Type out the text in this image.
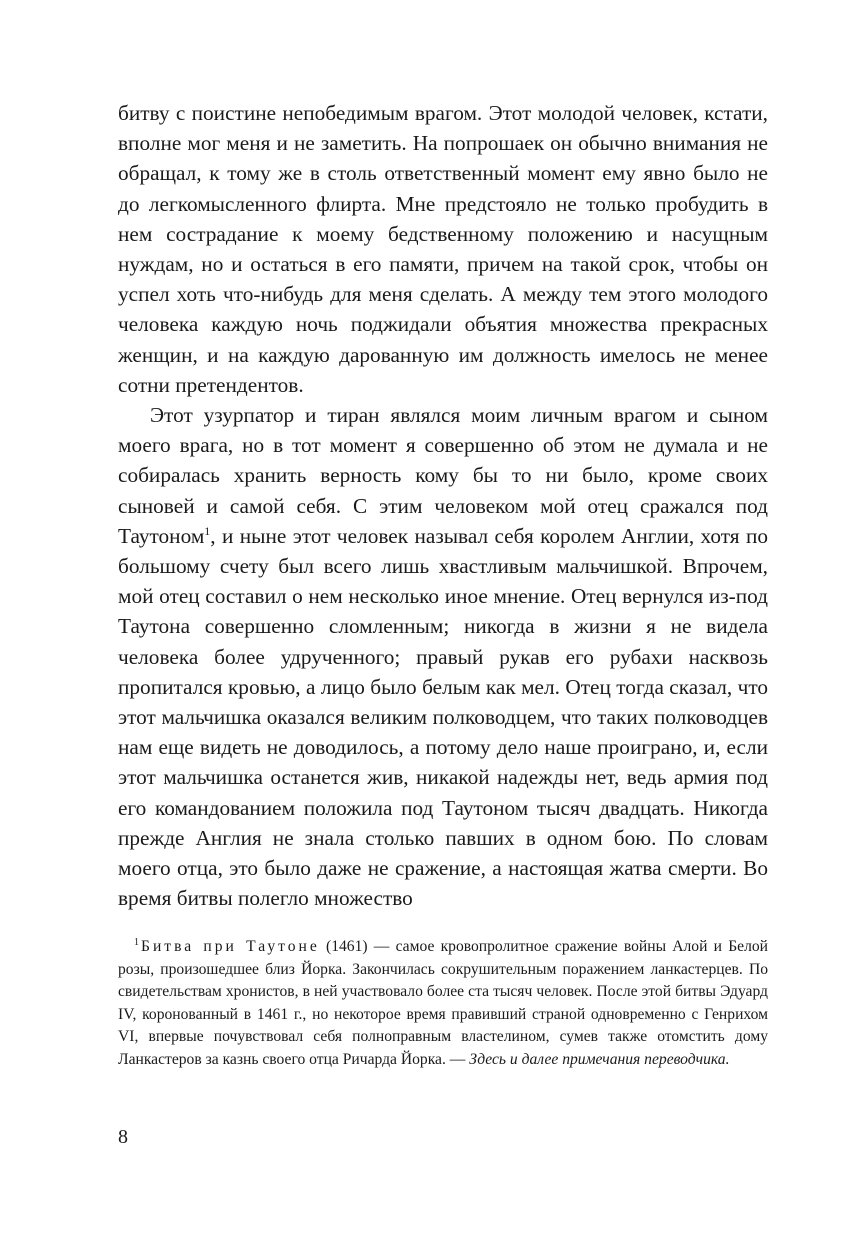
битву с поистине непобедимым врагом. Этот молодой человек, кстати, вполне мог меня и не заметить. На попрошаек он обычно внимания не обращал, к тому же в столь ответственный момент ему явно было не до легкомысленного флирта. Мне предстояло не только пробудить в нем сострадание к моему бедственному положению и насущным нуждам, но и остаться в его памяти, причем на такой срок, чтобы он успел хоть что-нибудь для меня сделать. А между тем этого молодого человека каждую ночь поджидали объятия множества прекрасных женщин, и на каждую дарованную им должность имелось не менее сотни претендентов.

Этот узурпатор и тиран являлся моим личным врагом и сыном моего врага, но в тот момент я совершенно об этом не думала и не собиралась хранить верность кому бы то ни было, кроме своих сыновей и самой себя. С этим человеком мой отец сражался под Таутоном$^1$, и ныне этот человек называл себя королем Англии, хотя по большому счету был всего лишь хвастливым мальчишкой. Впрочем, мой отец составил о нем несколько иное мнение. Отец вернулся из-под Таутона совершенно сломленным; никогда в жизни я не видела человека более удрученного; правый рукав его рубахи насквозь пропитался кровью, а лицо было белым как мел. Отец тогда сказал, что этот мальчишка оказался великим полководцем, что таких полководцев нам еще видеть не доводилось, а потому дело наше проиграно, и, если этот мальчишка останется жив, никакой надежды нет, ведь армия под его командованием положила под Таутоном тысяч двадцать. Никогда прежде Англия не знала столько павших в одном бою. По словам моего отца, это было даже не сражение, а настоящая жатва смерти. Во время битвы полегло множество

$^1$ Битва при Таутоне (1461) — самое кровопролитное сражение войны Алой и Белой розы, произошедшее близ Йорка. Закончилась сокрушительным поражением ланкастерцев. По свидетельствам хронистов, в ней участвовало более ста тысяч человек. После этой битвы Эдуард IV, коронованный в 1461 г., но некоторое время правивший страной одновременно с Генрихом VI, впервые почувствовал себя полноправным властелином, сумев также отомстить дому Ланкастеров за казнь своего отца Ричарда Йорка. — Здесь и далее примечания переводчика.

8
